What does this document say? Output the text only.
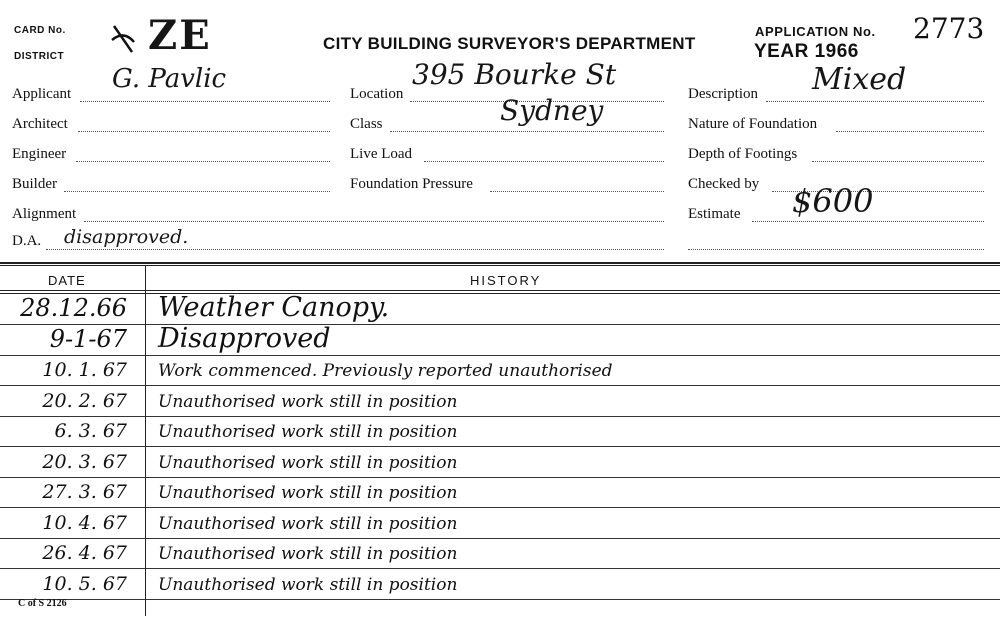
CARD No.
DISTRICT ZE	CITY BUILDING SURVEYOR'S DEPARTMENT
APPLICATION No. 2773
YEAR 1966
Applicant G. Pavlic
Architect
Engineer
Builder
Alignment
D.A. disapproved.
Location
395 Bourke St
Sydney
Class
Live Load
Foundation Pressure
Description Mixed
Nature of Foundation
Depth of Footings
Checked by
Estimate $600
DATE	HISTORY
28.12.66 Weather Canopy.
9-1-67 Disapproved
10. 1. 67 Work commenced. Previously reported unauthorised
20. 2. 67 Unauthorised work still in position
6. 3. 67 Unauthorised work still in position
20. 3. 67 Unauthorised work still in position
27. 3. 67 Unauthorised work still in position
10. 4. 67 Unauthorised work still in position
26. 4. 67 Unauthorised work still in position
10. 5. 67 Unauthorised work still in position
C of S 2126
